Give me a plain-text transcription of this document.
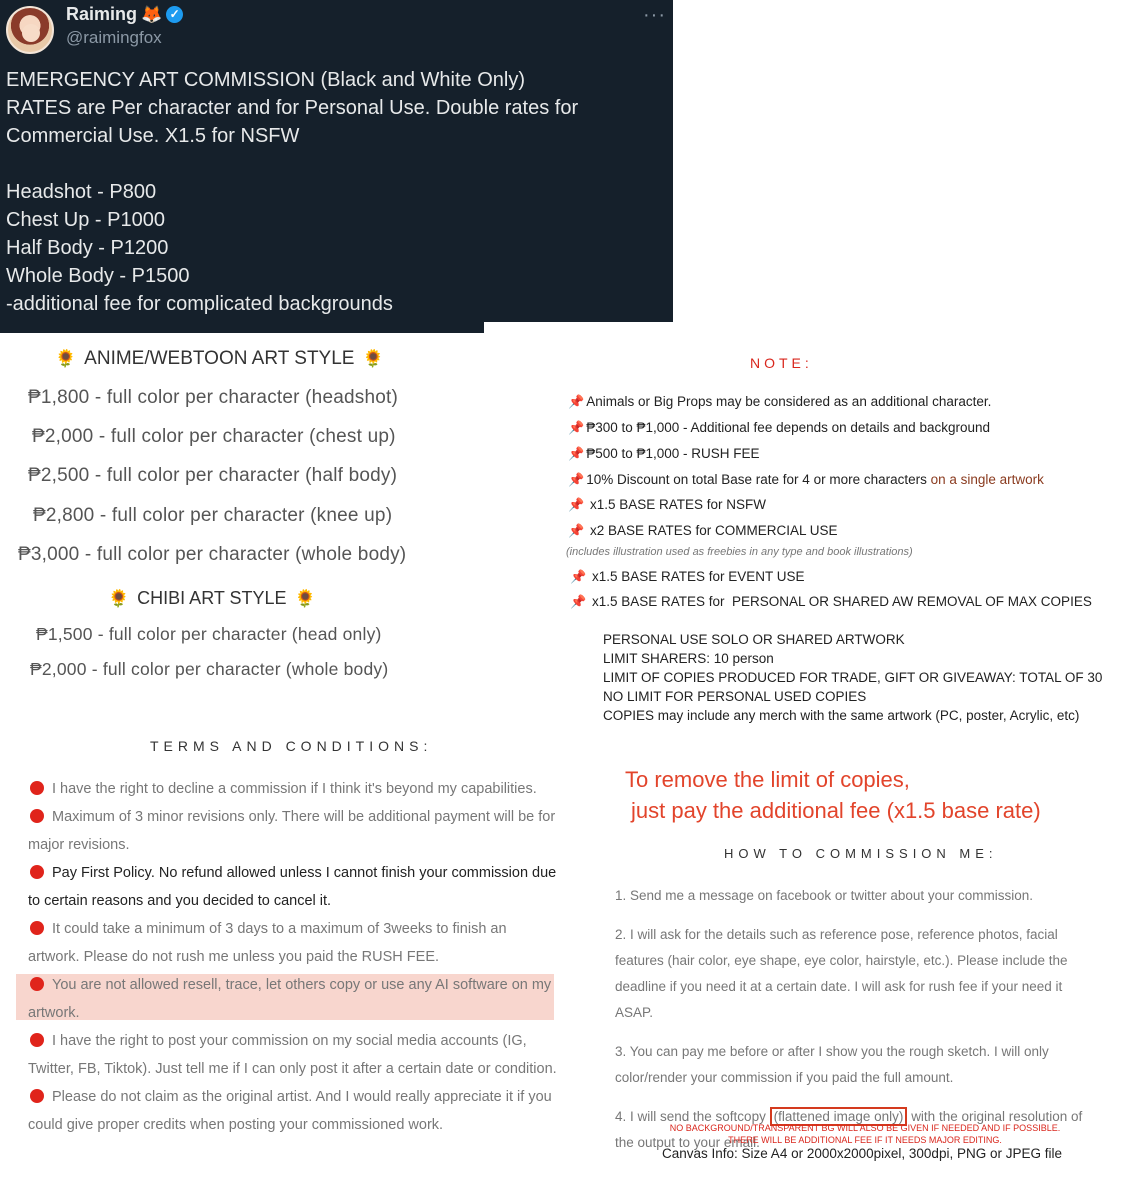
Raiming 🦊 ✓
@raimingfox
···

EMERGENCY ART COMMISSION (Black and White Only)

RATES are Per character and for Personal Use. Double rates for

Commercial Use. X1.5 for NSFW

Headshot - P800

Chest Up - P1000

Half Body - P1200

Whole Body - P1500

-additional fee for complicated backgrounds

🌻 ANIME/WEBTOON ART STYLE 🌻
₱1,800 - full color per character (headshot)
₱2,000 - full color per character (chest up)
₱2,500 - full color per character (half body)
₱2,800 - full color per character (knee up)
₱3,000 - full color per character (whole body)
🌻 CHIBI ART STYLE 🌻
₱1,500 - full color per character (head only)
₱2,000 - full color per character (whole body)
TERMS AND CONDITIONS:
I have the right to decline a commission if I think it's beyond my capabilities.
Maximum of 3 minor revisions only. There will be additional payment will be for major revisions.
Pay First Policy. No refund allowed unless I cannot finish your commission due to certain reasons and you decided to cancel it.
It could take a minimum of 3 days to a maximum of 3weeks to finish an artwork. Please do not rush me unless you paid the RUSH FEE.
You are not allowed resell, trace, let others copy or use any AI software on my artwork.
I have the right to post your commission on my social media accounts (IG, Twitter, FB, Tiktok). Just tell me if I can only post it after a certain date or condition.
Please do not claim as the original artist. And I would really appreciate it if you could give proper credits when posting your commissioned work.
NOTE:
📌 Animals or Big Props may be considered as an additional character.
📌 ₱300 to ₱1,000 - Additional fee depends on details and background
📌 ₱500 to ₱1,000 - RUSH FEE
📌 10% Discount on total Base rate for 4 or more characters on a single artwork
📌 x1.5 BASE RATES for NSFW
📌 x2 BASE RATES for COMMERCIAL USE
(includes illustration used as freebies in any type and book illustrations)
📌 x1.5 BASE RATES for EVENT USE
📌 x1.5 BASE RATES for  PERSONAL OR SHARED AW REMOVAL OF MAX COPIES
PERSONAL USE SOLO OR SHARED ARTWORK
LIMIT SHARERS: 10 person
LIMIT OF COPIES PRODUCED FOR TRADE, GIFT OR GIVEAWAY: TOTAL OF 30
NO LIMIT FOR PERSONAL USED COPIES
COPIES may include any merch with the same artwork (PC, poster, Acrylic, etc)
To remove the limit of copies,
just pay the additional fee (x1.5 base rate)
HOW TO COMMISSION ME:
1. Send me a message on facebook or twitter about your commission.
2. I will ask for the details such as reference pose, reference photos, facial features (hair color, eye shape, eye color, hairstyle, etc.). Please include the deadline if you need it at a certain date. I will ask for rush fee if your need it ASAP.
3. You can pay me before or after I show you the rough sketch. I will only color/render your commission if you paid the full amount.
4. I will send the softcopy (flattened image only) with the original resolution of the output to your email.
NO BACKGROUND/TRANSPARENT BG WILL ALSO BE GIVEN IF NEEDED AND IF POSSIBLE.
THERE WILL BE ADDITIONAL FEE IF IT NEEDS MAJOR EDITING.
Canvas Info: Size A4 or 2000x2000pixel, 300dpi, PNG or JPEG file
